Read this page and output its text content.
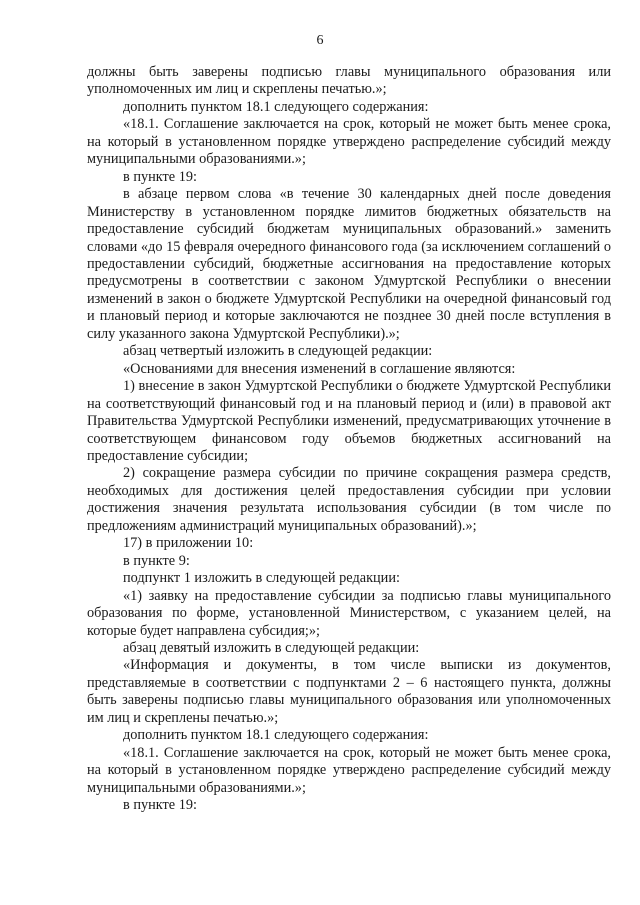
6

должны быть заверены подписью главы муниципального образования или уполномоченных им лиц и скреплены печатью.»;

дополнить пунктом 18.1 следующего содержания:

«18.1. Соглашение заключается на срок, который не может быть менее срока, на который в установленном порядке утверждено распределение субсидий между муниципальными образованиями.»;

в пункте 19:

в абзаце первом слова «в течение 30 календарных дней после доведения Министерству в установленном порядке лимитов бюджетных обязательств на предоставление субсидий бюджетам муниципальных образований.» заменить словами «до 15 февраля очередного финансового года (за исключением соглашений о предоставлении субсидий, бюджетные ассигнования на предоставление которых предусмотрены в соответствии с законом Удмуртской Республики о внесении изменений в закон о бюджете Удмуртской Республики на очередной финансовый год и плановый период и которые заключаются не позднее 30 дней после вступления в силу указанного закона Удмуртской Республики).»;

абзац четвертый изложить в следующей редакции:

«Основаниями для внесения изменений в соглашение являются:

1) внесение в закон Удмуртской Республики о бюджете Удмуртской Республики на соответствующий финансовый год и на плановый период и (или) в правовой акт Правительства Удмуртской Республики изменений, предусматривающих уточнение в соответствующем финансовом году объемов бюджетных ассигнований на предоставление субсидии;

2) сокращение размера субсидии по причине сокращения размера средств, необходимых для достижения целей предоставления субсидии при условии достижения значения результата использования субсидии (в том числе по предложениям администраций муниципальных образований).»;

17) в приложении 10:

в пункте 9:

подпункт 1 изложить в следующей редакции:

«1) заявку на предоставление субсидии за подписью главы муниципального образования по форме, установленной Министерством, с указанием целей, на которые будет направлена субсидия;»;

абзац девятый изложить в следующей редакции:

«Информация и документы, в том числе выписки из документов, представляемые в соответствии с подпунктами 2 – 6 настоящего пункта, должны быть заверены подписью главы муниципального образования или уполномоченных им лиц и скреплены печатью.»;

дополнить пунктом 18.1 следующего содержания:

«18.1. Соглашение заключается на срок, который не может быть менее срока, на который в установленном порядке утверждено распределение субсидий между муниципальными образованиями.»;

в пункте 19:
